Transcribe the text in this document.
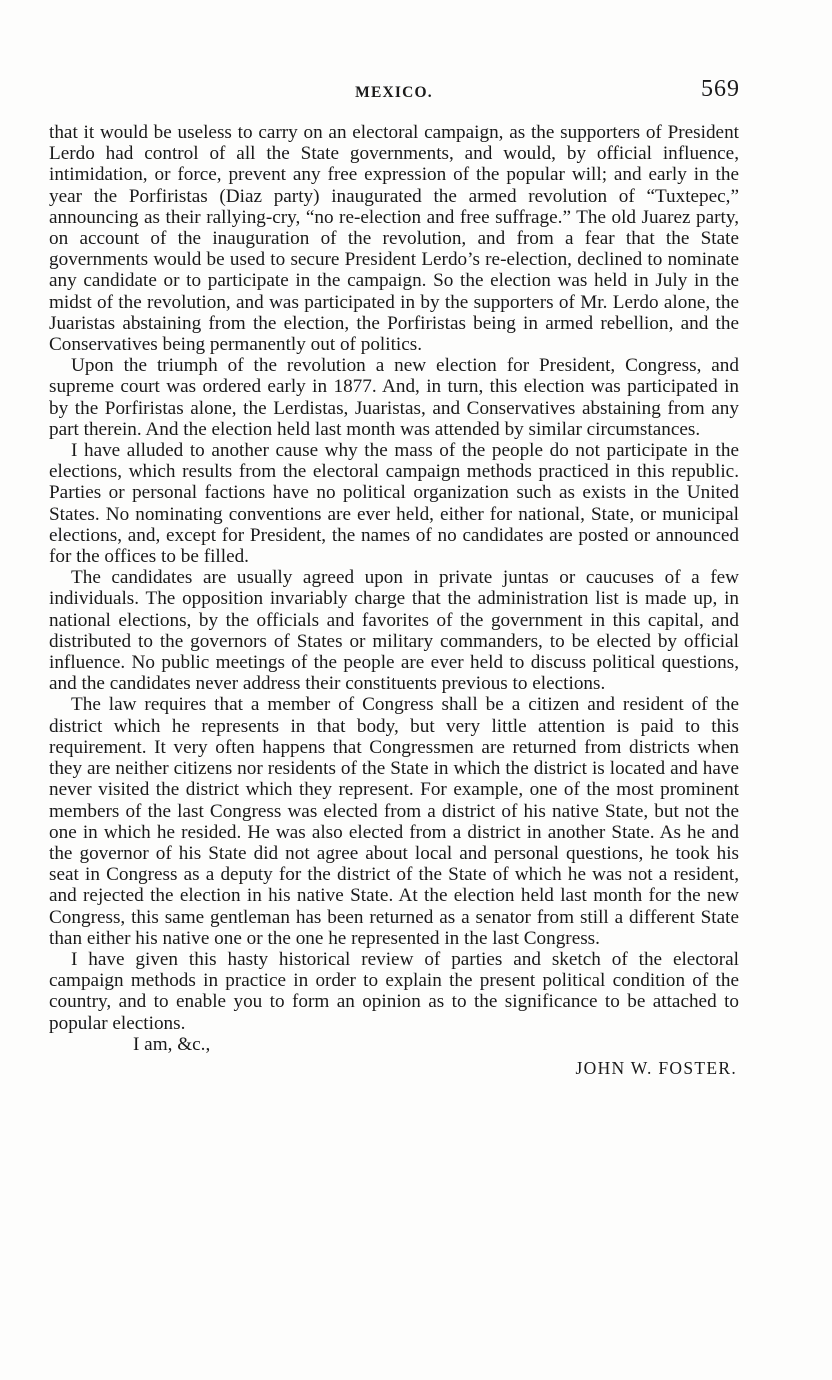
MEXICO.	569

that it would be useless to carry on an electoral campaign, as the supporters of President Lerdo had control of all the State governments, and would, by official influence, intimidation, or force, prevent any free expression of the popular will; and early in the year the Porfiristas (Diaz party) inaugurated the armed revolution of “Tuxtepec,” announcing as their rallying-cry, “no re-election and free suffrage.” The old Juarez party, on account of the inauguration of the revolution, and from a fear that the State governments would be used to secure President Lerdo’s re-election, declined to nominate any candidate or to participate in the campaign. So the election was held in July in the midst of the revolution, and was participated in by the supporters of Mr. Lerdo alone, the Juaristas abstaining from the election, the Porfiristas being in armed rebellion, and the Conservatives being permanently out of politics.

Upon the triumph of the revolution a new election for President, Congress, and supreme court was ordered early in 1877. And, in turn, this election was participated in by the Porfiristas alone, the Lerdistas, Juaristas, and Conservatives abstaining from any part therein. And the election held last month was attended by similar circumstances.

I have alluded to another cause why the mass of the people do not participate in the elections, which results from the electoral campaign methods practiced in this republic. Parties or personal factions have no political organization such as exists in the United States. No nominating conventions are ever held, either for national, State, or municipal elections, and, except for President, the names of no candidates are posted or announced for the offices to be filled.

The candidates are usually agreed upon in private juntas or caucuses of a few individuals. The opposition invariably charge that the administration list is made up, in national elections, by the officials and favorites of the government in this capital, and distributed to the governors of States or military commanders, to be elected by official influence. No public meetings of the people are ever held to discuss political questions, and the candidates never address their constituents previous to elections.

The law requires that a member of Congress shall be a citizen and resident of the district which he represents in that body, but very little attention is paid to this requirement. It very often happens that Congressmen are returned from districts when they are neither citizens nor residents of the State in which the district is located and have never visited the district which they represent. For example, one of the most prominent members of the last Congress was elected from a district of his native State, but not the one in which he resided. He was also elected from a district in another State. As he and the governor of his State did not agree about local and personal questions, he took his seat in Congress as a deputy for the district of the State of which he was not a resident, and rejected the election in his native State. At the election held last month for the new Congress, this same gentleman has been returned as a senator from still a different State than either his native one or the one he represented in the last Congress.

I have given this hasty historical review of parties and sketch of the electoral campaign methods in practice in order to explain the present political condition of the country, and to enable you to form an opinion as to the significance to be attached to popular elections.

I am, &c.,

JOHN W. FOSTER.
